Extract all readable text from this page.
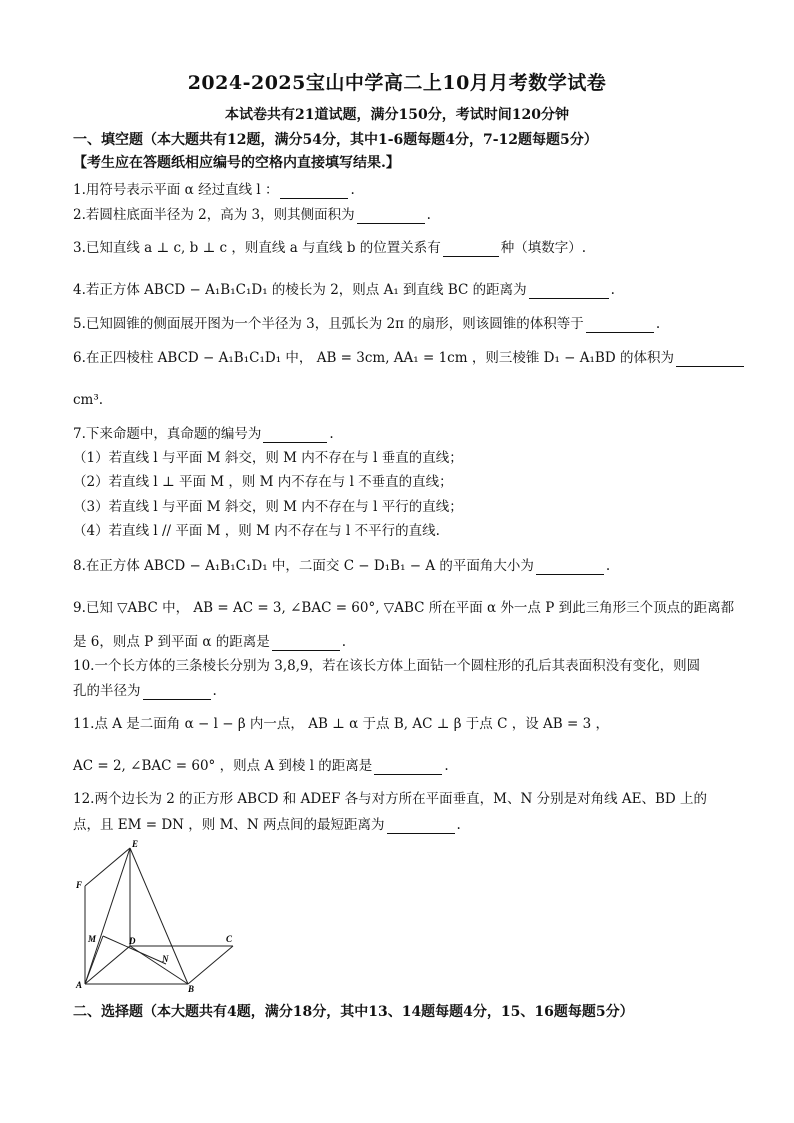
2024-2025宝山中学高二上10月月考数学试卷
本试卷共有21道试题，满分150分，考试时间120分钟
一、填空题（本大题共有12题，满分54分，其中1-6题每题4分，7-12题每题5分）
【考生应在答题纸相应编号的空格内直接填写结果.】
1.用符号表示平面 α 经过直线 l ：	.
2.若圆柱底面半径为 2，高为 3，则其侧面积为	.
3.已知直线 a ⊥ c, b ⊥ c ，则直线 a 与直线 b 的位置关系有	种（填数字）.
4.若正方体 ABCD − A₁B₁C₁D₁ 的棱长为 2，则点 A₁ 到直线 BC 的距离为	.
5.已知圆锥的侧面展开图为一个半径为 3，且弧长为 2π 的扇形，则该圆锥的体积等于	.
6.在正四棱柱 ABCD − A₁B₁C₁D₁ 中， AB = 3cm, AA₁ = 1cm ，则三棱锥 D₁ − A₁BD 的体积为
cm³.
7.下来命题中，真命题的编号为	.
（1）若直线 l 与平面 M 斜交，则 M 内不存在与 l 垂直的直线；
（2）若直线 l ⊥ 平面 M ，则 M 内不存在与 l 不垂直的直线；
（3）若直线 l 与平面 M 斜交，则 M 内不存在与 l 平行的直线；
（4）若直线 l // 平面 M ，则 M 内不存在与 l 不平行的直线.
8.在正方体 ABCD − A₁B₁C₁D₁ 中，二面交 C − D₁B₁ − A 的平面角大小为	.
9.已知 ▽ABC 中， AB = AC = 3, ∠BAC = 60°, ▽ABC 所在平面 α 外一点 P 到此三角形三个顶点的距离都
是 6，则点 P 到平面 α 的距离是	.
10.一个长方体的三条棱长分别为 3,8,9，若在该长方体上面钻一个圆柱形的孔后其表面积没有变化，则圆
孔的半径为	.
11.点 A 是二面角 α − l − β 内一点， AB ⊥ α 于点 B, AC ⊥ β 于点 C ，设 AB = 3 ，
AC = 2, ∠BAC = 60° ，则点 A 到棱 l 的距离是	.
12.两个边长为 2 的正方形 ABCD 和 ADEF 各与对方所在平面垂直，M、N 分别是对角线 AE、BD 上的
点，且 EM = DN ，则 M、N 两点间的最短距离为	.
E
F
M	D	C
N
A	B
二、选择题（本大题共有4题，满分18分，其中13、14题每题4分，15、16题每题5分）
